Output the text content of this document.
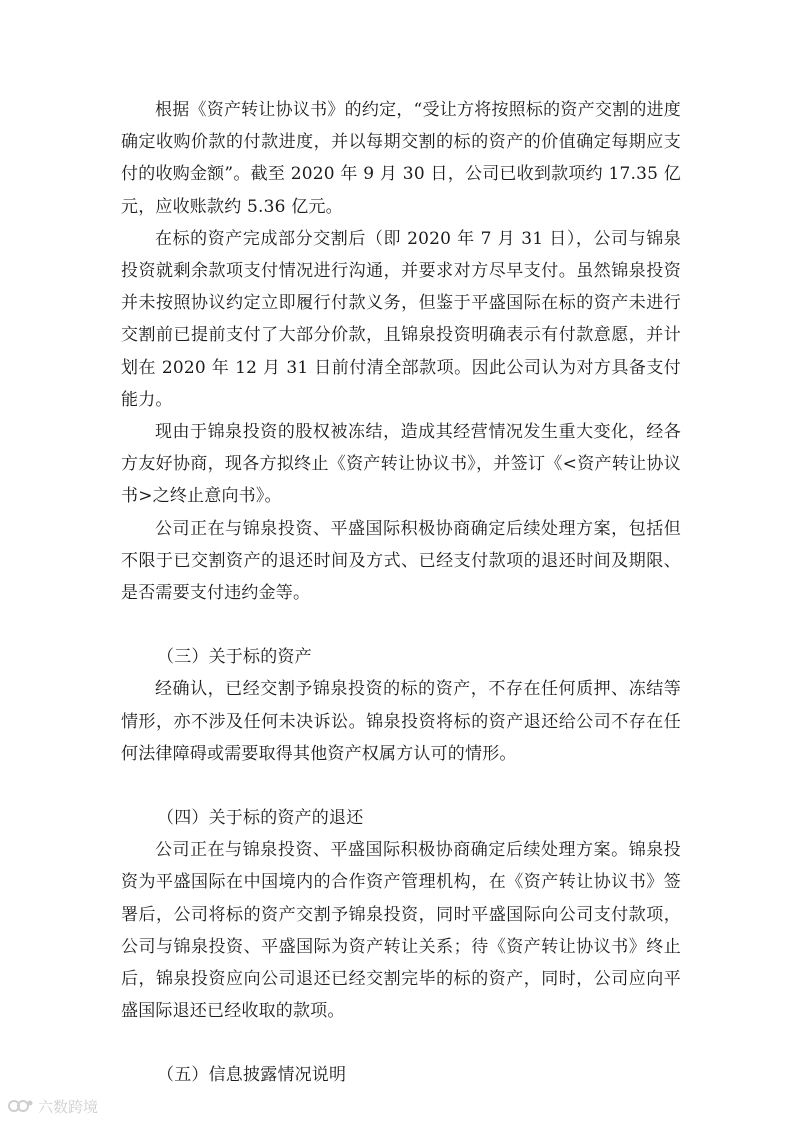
根据《资产转让协议书》的约定，“受让方将按照标的资产交割的进度确定收购价款的付款进度，并以每期交割的标的资产的价值确定每期应支付的收购金额”。截至 2020 年 9 月 30 日，公司已收到款项约 17.35 亿元，应收账款约 5.36 亿元。

在标的资产完成部分交割后（即 2020 年 7 月 31 日），公司与锦泉投资就剩余款项支付情况进行沟通，并要求对方尽早支付。虽然锦泉投资并未按照协议约定立即履行付款义务，但鉴于平盛国际在标的资产未进行交割前已提前支付了大部分价款，且锦泉投资明确表示有付款意愿，并计划在 2020 年 12 月 31 日前付清全部款项。因此公司认为对方具备支付能力。

现由于锦泉投资的股权被冻结，造成其经营情况发生重大变化，经各方友好协商，现各方拟终止《资产转让协议书》，并签订《<资产转让协议书>之终止意向书》。

公司正在与锦泉投资、平盛国际积极协商确定后续处理方案，包括但不限于已交割资产的退还时间及方式、已经支付款项的退还时间及期限、是否需要支付违约金等。

（三）关于标的资产

经确认，已经交割予锦泉投资的标的资产，不存在任何质押、冻结等情形，亦不涉及任何未决诉讼。锦泉投资将标的资产退还给公司不存在任何法律障碍或需要取得其他资产权属方认可的情形。

（四）关于标的资产的退还

公司正在与锦泉投资、平盛国际积极协商确定后续处理方案。锦泉投资为平盛国际在中国境内的合作资产管理机构，在《资产转让协议书》签署后，公司将标的资产交割予锦泉投资，同时平盛国际向公司支付款项，公司与锦泉投资、平盛国际为资产转让关系；待《资产转让协议书》终止后，锦泉投资应向公司退还已经交割完毕的标的资产，同时，公司应向平盛国际退还已经收取的款项。

（五）信息披露情况说明

六数跨境
